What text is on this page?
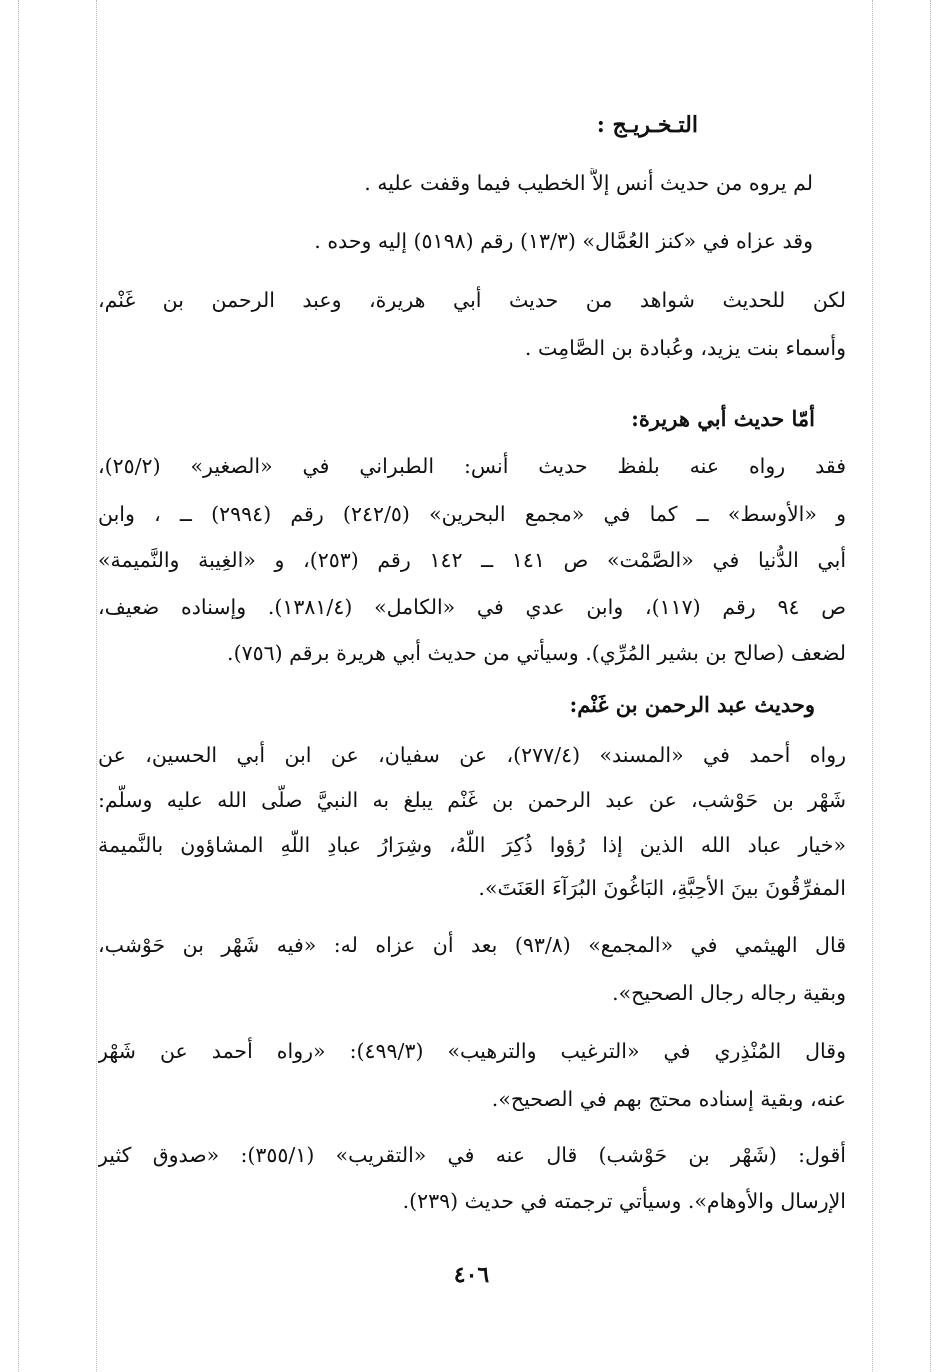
التـخـريـج :
لم يروه من حديث أنس إلاَّ الخطيب فيما وقفت عليه .
وقد عزاه في «كنز العُمَّال» (١٣/٣) رقم (٥١٩٨) إليه وحده .
لكن للحديث شواهد من حديث أبي هريرة، وعبد الرحمن بن غَنْم،
وأسماء بنت يزيد، وعُبادة بن الصَّامِت .
أمّا حديث أبي هريرة:
فقد رواه عنه بلفظ حديث أنس: الطبراني في «الصغير» (٢٥/٢)،
و «الأوسط» ــ كما في «مجمع البحرين» (٢٤٢/٥) رقم (٢٩٩٤) ــ ، وابن
أبي الدُّنيا في «الصَّمْت» ص ١٤١ ــ ١٤٢ رقم (٢٥٣)، و «الغِيبة والنَّميمة»
ص ٩٤ رقم (١١٧)، وابن عدي في «الكامل» (١٣٨١/٤). وإسناده ضعيف،
لضعف (صالح بن بشير المُرِّي). وسيأتي من حديث أبي هريرة برقم (٧٥٦).
وحديث عبد الرحمن بن غَنْم:
رواه أحمد في «المسند» (٢٧٧/٤)، عن سفيان، عن ابن أبي الحسين، عن
شَهْر بن حَوْشب، عن عبد الرحمن بن غَنْم يبلغ به النبيَّ صلَّى الله عليه وسلَّم:
«خيار عباد الله الذين إذا رُؤوا ذُكِرَ اللَّهُ، وشِرَارُ عبادِ اللَّهِ المشاؤون بالنَّميمة
المفرِّقُونَ بينَ الأحِبَّةِ، البَاغُونَ البُرَآءَ العَنَتَ».
قال الهيثمي في «المجمع» (٩٣/٨) بعد أن عزاه له: «فيه شَهْر بن حَوْشب،
وبقية رجاله رجال الصحيح».
وقال المُنْذِري في «الترغيب والترهيب» (٤٩٩/٣): «رواه أحمد عن شَهْر
عنه، وبقية إسناده محتج بهم في الصحيح».
أقول: (شَهْر بن حَوْشب) قال عنه في «التقريب» (٣٥٥/١): «صدوق كثير
الإرسال والأوهام». وسيأتي ترجمته في حديث (٢٣٩).
٤٠٦
